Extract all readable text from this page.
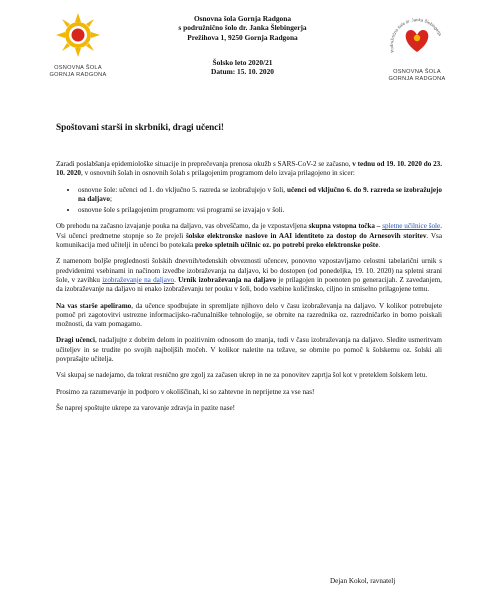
OSNOVNA ŠOLA
GORNJA RADGONA
Osnovna šola Gornja Radgona
s podružnično šolo dr. Janka Šlebingerja
Prežihova 1, 9250 Gornja Radgona
Šolsko leto 2020/21
Datum: 15. 10. 2020
Podružnična šola dr. Janka Šlebingerja
OSNOVNA ŠOLA
GORNJA RADGONA
Spoštovani starši in skrbniki, dragi učenci!

Zaradi poslabšanja epidemiološke situacije in preprečevanja prenosa okužb s SARS-CoV-2 se začasno, v tednu od 19. 10. 2020 do 23. 10. 2020, v osnovnih šolah in osnovnih šolah s prilagojenim programom delo izvaja prilagojeno in sicer:

• osnovne šole: učenci od 1. do vključno 5. razreda se izobražujejo v šoli, učenci od vključno 6. do 9. razreda se izobražujejo na daljavo;
• osnovne šole s prilagojenim programom: vsi programi se izvajajo v šoli.

Ob prehodu na začasno izvajanje pouka na daljavo, vas obveščamo, da je vzpostavljena skupna vstopna točka – spletne učilnice šole. Vsi učenci predmetne stopnje so že prejeli šolske elektronske naslove in AAI identiteto za dostop do Arnesovih storitev. Vsa komunikacija med učitelji in učenci bo potekala preko spletnih učilnic oz. po potrebi preko elektronske pošte.

Z namenom boljše preglednosti šolskih dnevnih/tedenskih obveznosti učencev, ponovno vzpostavljamo celostni tabelarični urnik s predvidenimi vsebinami in načinom izvedbe izobraževanja na daljavo, ki bo dostopen (od ponedeljka, 19. 10. 2020) na spletni strani šole, v zavihku izobraževanje na daljavo. Urnik izobraževanja na daljavo je prilagojen in poenoten po generacijah. Z zavedanjem, da izobraževanje na daljavo ni enako izobraževanju ter pouku v šoli, bodo vsebine količinsko, ciljno in smiselno prilagojene temu.

Na vas starše apeliramo, da učence spodbujate in spremljate njihovo delo v času izobraževanja na daljavo. V kolikor potrebujete pomoč pri zagotovitvi ustrezne informacijsko-računalniške tehnologije, se obrnite na razrednika oz. razredničarko in bomo poiskali možnosti, da vam pomagamo.

Dragi učenci, nadaljujte z dobrim delom in pozitivnim odnosom do znanja, tudi v času izobraževanja na daljavo. Sledite usmeritvam učiteljev in se trudite po svojih najboljših močeh. V kolikor naletite na težave, se obrnite po pomoč k šolskemu oz. šolski ali povprašajte učitelja.

Vsi skupaj se nadejamo, da tokrat resnično gre zgolj za začasen ukrep in ne za ponovitev zaprtja šol kot v preteklem šolskem letu.

Prosimo za razumevanje in podporo v okoliščinah, ki so zahtevne in neprijetne za vse nas!

Še naprej spoštujte ukrepe za varovanje zdravja in pazite nase!

Dejan Kokol, ravnatelj
